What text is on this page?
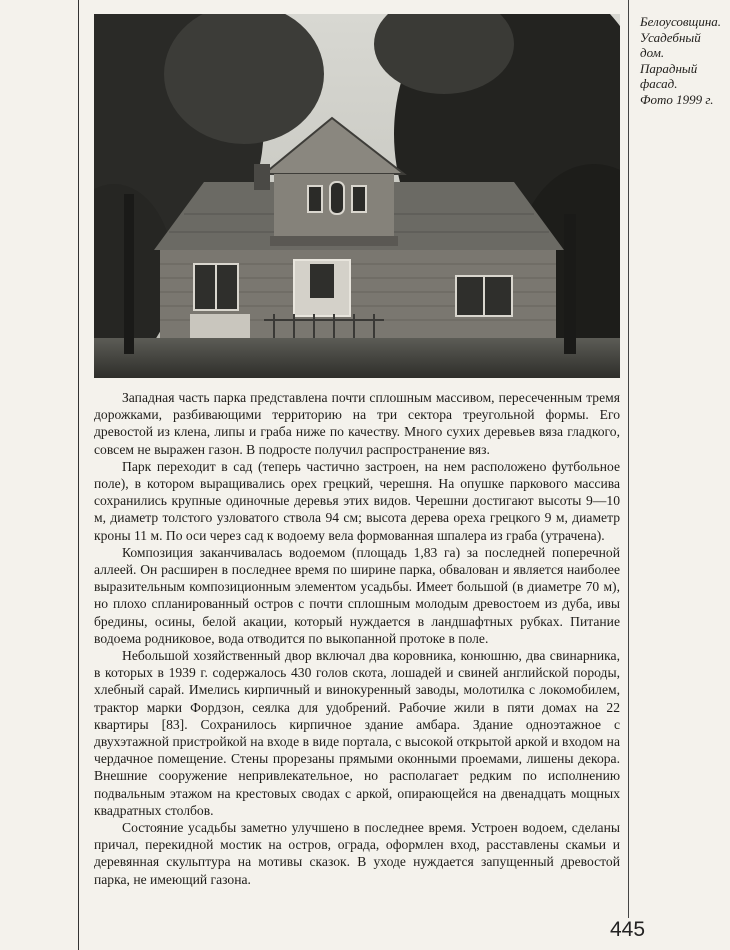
Белоусовщина.
Усадебный
дом.
Парадный
фасад.
Фото 1999 г.

Западная часть парка представлена почти сплошным массивом, пересеченным тремя дорожками, разбивающими территорию на три сектора треугольной формы. Его древостой из клена, липы и граба ниже по качеству. Много сухих деревьев вяза гладкого, совсем не выражен газон. В подросте получил распространение вяз.

Парк переходит в сад (теперь частично застроен, на нем расположено футбольное поле), в котором выращивались орех грецкий, черешня. На опушке паркового массива сохранились крупные одиночные деревья этих видов. Черешни достигают высоты 9—10 м, диаметр толстого узловатого ствола 94 см; высота дерева ореха грецкого 9 м, диаметр кроны 11 м. По оси через сад к водоему вела формованная шпалера из граба (утрачена).

Композиция заканчивалась водоемом (площадь 1,83 га) за последней поперечной аллеей. Он расширен в последнее время по ширине парка, обвалован и является наиболее выразительным композиционным элементом усадьбы. Имеет большой (в диаметре 70 м), но плохо спланированный остров с почти сплошным молодым древостоем из дуба, ивы бредины, осины, белой акации, который нуждается в ландшафтных рубках. Питание водоема родниковое, вода отводится по выкопанной протоке в поле.

Небольшой хозяйственный двор включал два коровника, конюшню, два свинарника, в которых в 1939 г. содержалось 430 голов скота, лошадей и свиней английской породы, хлебный сарай. Имелись кирпичный и винокуренный заводы, молотилка с локомобилем, трактор марки Фордзон, сеялка для удобрений. Рабочие жили в пяти домах на 22 квартиры [83]. Сохранилось кирпичное здание амбара. Здание одноэтажное с двухэтажной пристройкой на входе в виде портала, с высокой открытой аркой и входом на чердачное помещение. Стены прорезаны прямыми оконными проемами, лишены декора. Внешние сооружение непривлекательное, но располагает редким по исполнению подвальным этажом на крестовых сводах с аркой, опирающейся на двенадцать мощных квадратных столбов.

Состояние усадьбы заметно улучшено в последнее время. Устроен водоем, сделаны причал, перекидной мостик на остров, ограда, оформлен вход, расставлены скамьи и деревянная скульптура на мотивы сказок. В уходе нуждается запущенный древостой парка, не имеющий газона.

445
